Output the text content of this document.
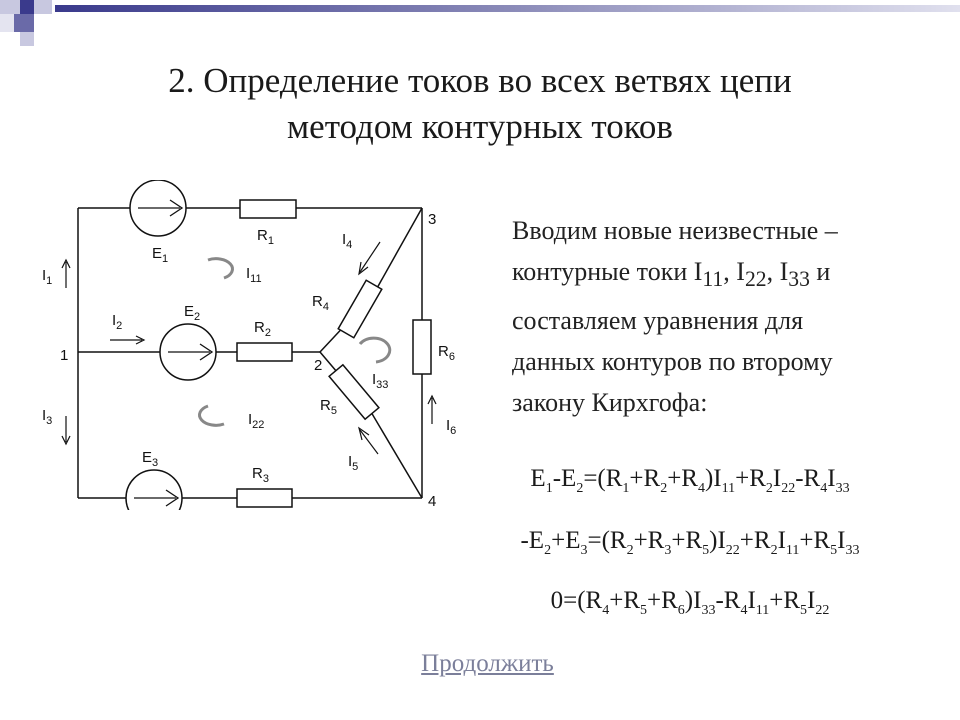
2. Определение токов во всех ветвях цепи
методом контурных токов
$E_1$
$E_2$
$E_3$
$R_1$
$R_2$
$R_3$
$R_4$
$R_5$
$R_6$
$I_1$
$I_2$
$I_3$
$I_4$
$I_5$
$I_6$
$I_{11}$
$I_{22}$
$I_{33}$
1
2
3
4
Вводим новые неизвестные –
контурные токи $I_{11}$, $I_{22}$, $I_{33}$ и
составляем уравнения для
данных контуров по второму
закону Кирхгофа:
$E_1-E_2=(R_1+R_2+R_4)I_{11}+R_2I_{22}-R_4I_{33}$
$-E_2+E_3=(R_2+R_3+R_5)I_{22}+R_2I_{11}+R_5I_{33}$
$0=(R_4+R_5+R_6)I_{33}-R_4I_{11}+R_5I_{22}$
Продолжить
